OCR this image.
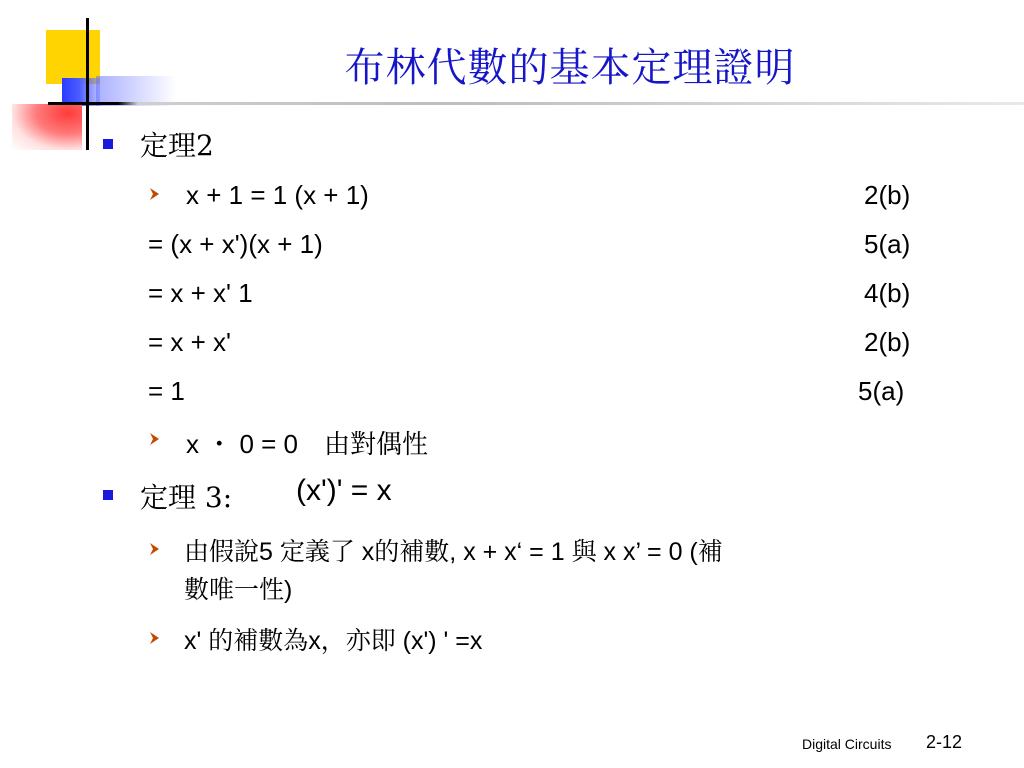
布林代數的基本定理證明
定理2
x + 1 = 1 (x + 1)	2(b)
= (x + x')(x + 1)	5(a)
= x + x' 1	4(b)
= x + x'	2(b)
= 1	5(a)
x ・ 0 = 0　由對偶性
定理 3: (x')' = x
由假說5 定義了 x的補數, x + x‘ = 1 與 x x’ = 0 (補
數唯一性)
x' 的補數為x，亦即 (x') ' =x
Digital Circuits 2-12
